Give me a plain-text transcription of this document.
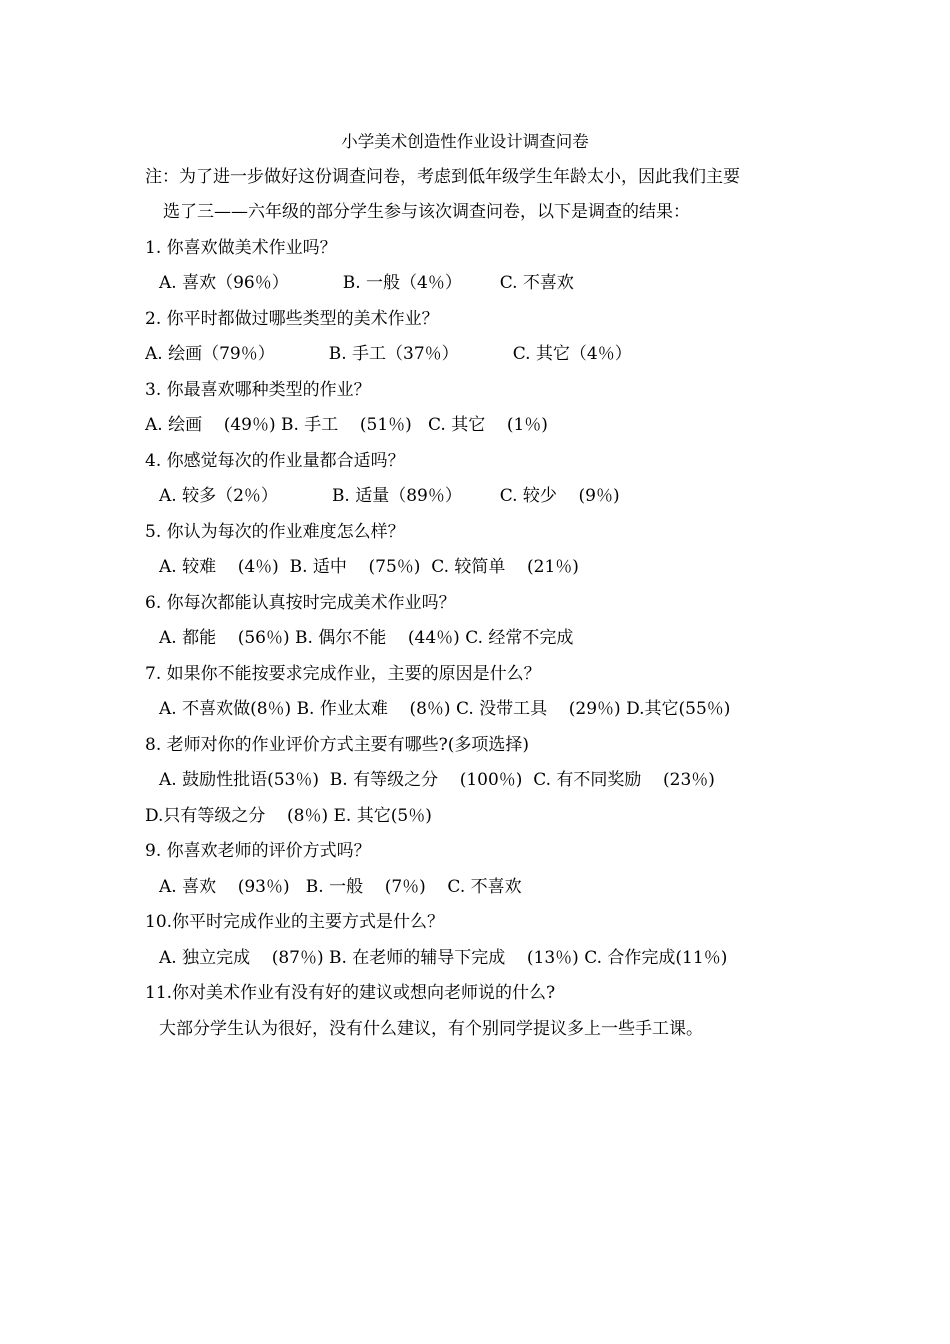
小学美术创造性作业设计调查问卷
注：为了进一步做好这份调查问卷，考虑到低年级学生年龄太小，因此我们主要
选了三——六年级的部分学生参与该次调查问卷，以下是调查的结果：
1. 你喜欢做美术作业吗？
A. 喜欢（96％）          B. 一般（4％）       C. 不喜欢
2. 你平时都做过哪些类型的美术作业？
A. 绘画（79％）          B. 手工（37％）          C. 其它（4％）
3. 你最喜欢哪种类型的作业？
A. 绘画    (49％) B. 手工    (51％)   C. 其它    (1％)
4. 你感觉每次的作业量都合适吗？
A. 较多（2％）          B. 适量（89％）       C. 较少    (9％)
5. 你认为每次的作业难度怎么样？
A. 较难    (4％)  B. 适中    (75％)  C. 较简单    (21％)
6. 你每次都能认真按时完成美术作业吗？
A. 都能    (56％) B. 偶尔不能    (44％) C. 经常不完成
7. 如果你不能按要求完成作业，主要的原因是什么？
A. 不喜欢做(8％) B. 作业太难    (8％) C. 没带工具    (29％) D.其它(55％)
8. 老师对你的作业评价方式主要有哪些?(多项选择)
A. 鼓励性批语(53％)  B. 有等级之分    (100％)  C. 有不同奖励    (23％)
D.只有等级之分    (8％) E. 其它(5％)
9. 你喜欢老师的评价方式吗？
A. 喜欢    (93％)   B. 一般    (7％)    C. 不喜欢
10.你平时完成作业的主要方式是什么？
A. 独立完成    (87％) B. 在老师的辅导下完成    (13％) C. 合作完成(11％)
11.你对美术作业有没有好的建议或想向老师说的什么?
大部分学生认为很好，没有什么建议，有个别同学提议多上一些手工课。
